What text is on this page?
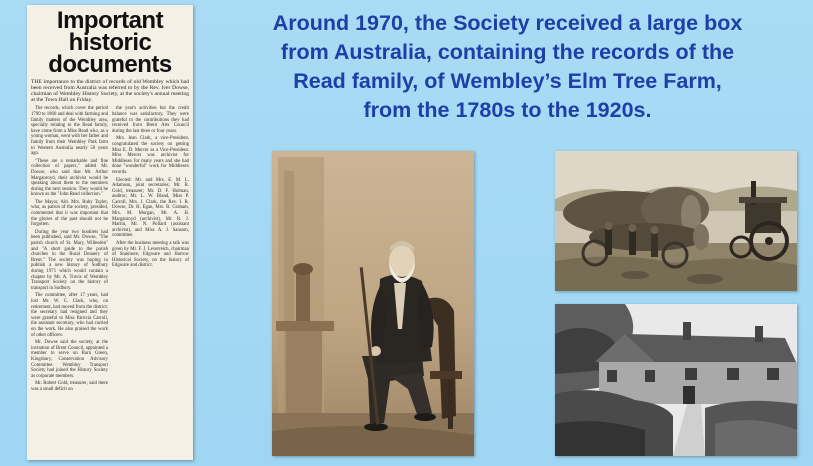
Important
historic
documents
THE importance to the district of records of old Wembley which had been received from Australia was referred to by the Rev. Iver Dowse, chairman of Wembley History Society, at the society's annual meeting at the Town Hall on Friday.

The records, which cover the period 1790 to 1860 and deal with farming and family matters of the Wembley area, specially relating to the Read family, have come from a Miss Read who, as a young woman, went with her father and family from their Wembley Park farm to Western Australia nearly 50 years ago.

"These are a remarkable and fine collection of papers," added Mr. Dowse, who said that Mr. Arthur Marganroyd, their archivist would be speaking about them to the members during the next session. They would be known as the "John Read collection."

The Mayor, Ald. Mrs. Ruby Tayler, who, as patron of the society, presided, commented that it was important that the glories of the past should not be forgotten.

During the year two booklets had been published, said Mr. Dowse, "The parish church of St. Mary, Willesden" and "A short guide to the parish churches in the Rural Deanery of Brent." The society was hoping to publish a new history of Sudbury during 1971 which would contain a chapter by Mr. A. Travis of Wembley Transport Society on the history of transport in Sudbury.

The committee, after 17 years, had lost Mr. W. C. Clark, who, on retirement, had moved from the district; the secretary had resigned and they were grateful to Miss Patricia Carroll, the assistant secretary, who had carried on the work. He also praised the work of other officers.

Mr. Dowse said the society, at the invitation of Brent Council, appointed a member to serve on Barn Green, Kingsbury, Conservation Advisory Committee. Wembley Transport Society had joined the History Society as corporate members.

Mr. Robert Gold, treasurer, said there was a small deficit on

the year's activities but the credit balance was satisfactory. They were grateful to the contributions they had received from Brent Arts Council during the last three or four years.

Mrs. Jean Clark, a vice-President, congratulated the society on getting Miss E. D. Mercer as a Vice-President. Miss Mercer was archivist for Middlesex for many years and she had done "wonderful" work for Middlesex records.

Elected: Mr. and Mrs. E. M. L. Adamson, joint secretaries; Mr. R. Gold, treasurer; Mr. D. F. Holman, auditor; Mr. L. W. Bland, Miss P. Carroll, Mrs. J. Clark, the Rev. I. R. Dowse, Dr. H. Egan, Mrs. R. Graham, Mrs. M. Morgan, Mr. A. H. Marganroyd (archivist), Mr. R. J. Martin, Mr. N. Pollard (assistant archivist), and Miss A. J. Sansom, committee.

After the business meeting a talk was given by Mr. F. J. Leverreich, chairman of Stanmore, Edgware and Harrow Historical Society, on the history of Edgware and district.

Around 1970, the Society received a large box
from Australia, containing the records of the
Read family, of Wembley’s Elm Tree Farm,
from the 1780s to the 1920s.
